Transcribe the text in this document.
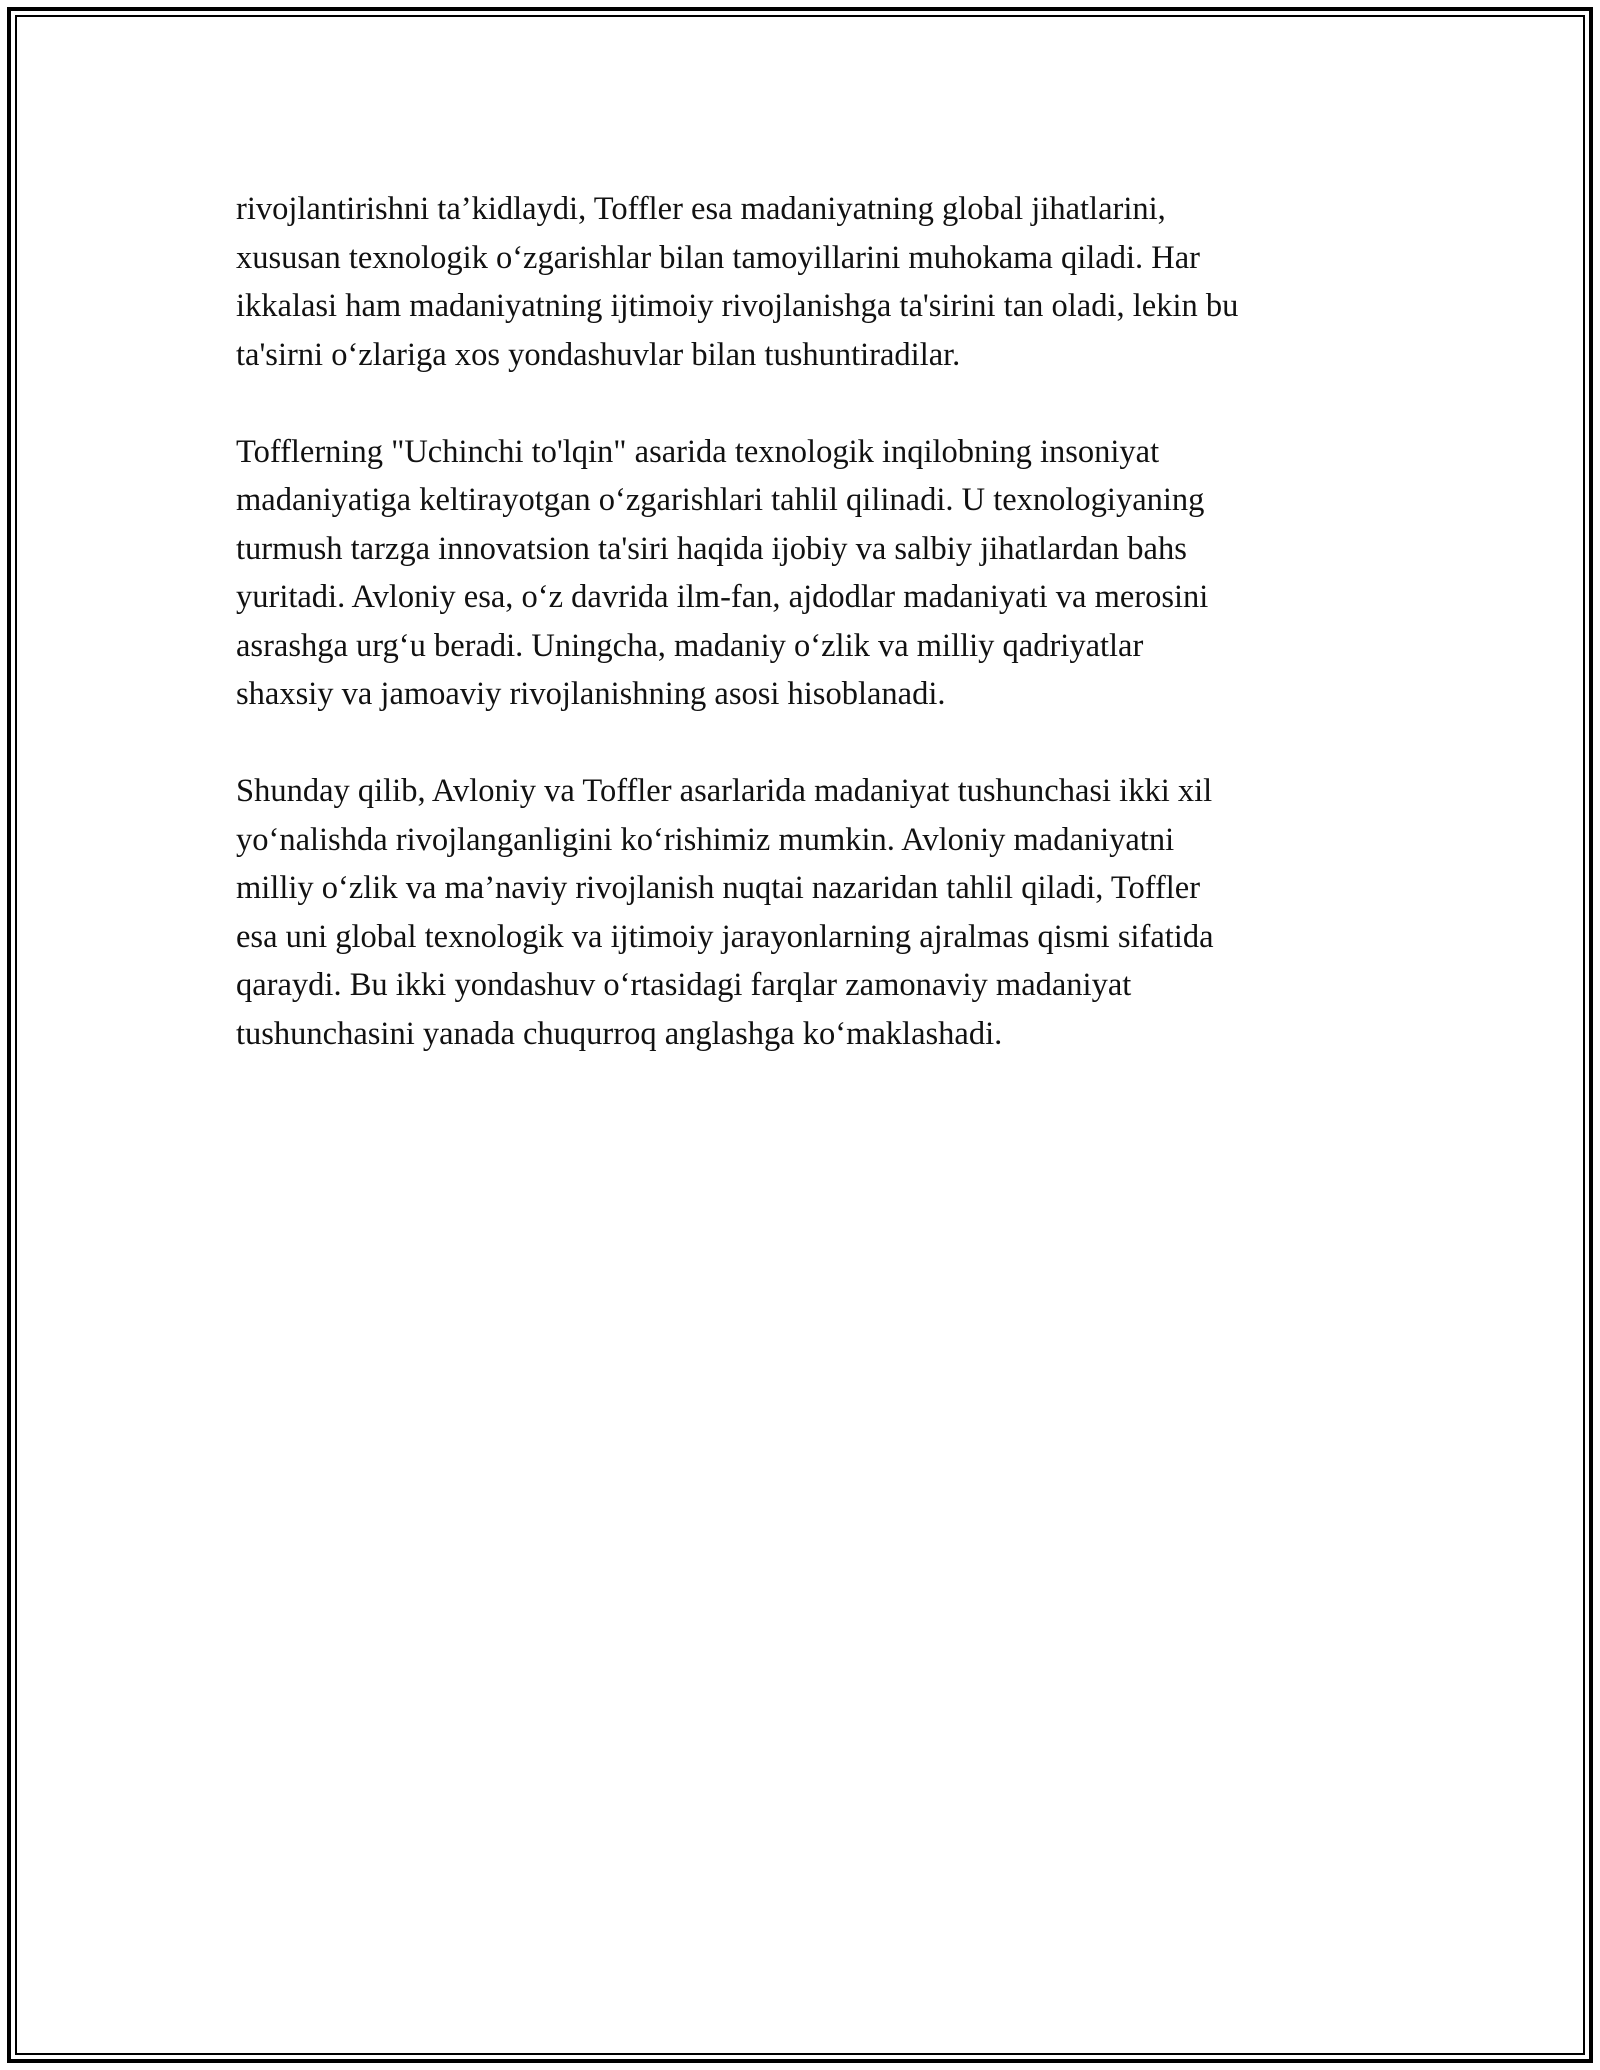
rivojlantirishni ta’kidlaydi, Toffler esa madaniyatning global jihatlarini,
xususan texnologik o‘zgarishlar bilan tamoyillarini muhokama qiladi. Har
ikkalasi ham madaniyatning ijtimoiy rivojlanishga ta'sirini tan oladi, lekin bu
ta'sirni o‘zlariga xos yondashuvlar bilan tushuntiradilar.

Tofflerning "Uchinchi to'lqin" asarida texnologik inqilobning insoniyat
madaniyatiga keltirayotgan o‘zgarishlari tahlil qilinadi. U texnologiyaning
turmush tarzga innovatsion ta'siri haqida ijobiy va salbiy jihatlardan bahs
yuritadi. Avloniy esa, o‘z davrida ilm-fan, ajdodlar madaniyati va merosini
asrashga urg‘u beradi. Uningcha, madaniy o‘zlik va milliy qadriyatlar
shaxsiy va jamoaviy rivojlanishning asosi hisoblanadi.

Shunday qilib, Avloniy va Toffler asarlarida madaniyat tushunchasi ikki xil
yo‘nalishda rivojlanganligini ko‘rishimiz mumkin. Avloniy madaniyatni
milliy o‘zlik va ma’naviy rivojlanish nuqtai nazaridan tahlil qiladi, Toffler
esa uni global texnologik va ijtimoiy jarayonlarning ajralmas qismi sifatida
qaraydi. Bu ikki yondashuv o‘rtasidagi farqlar zamonaviy madaniyat
tushunchasini yanada chuqurroq anglashga ko‘maklashadi.
